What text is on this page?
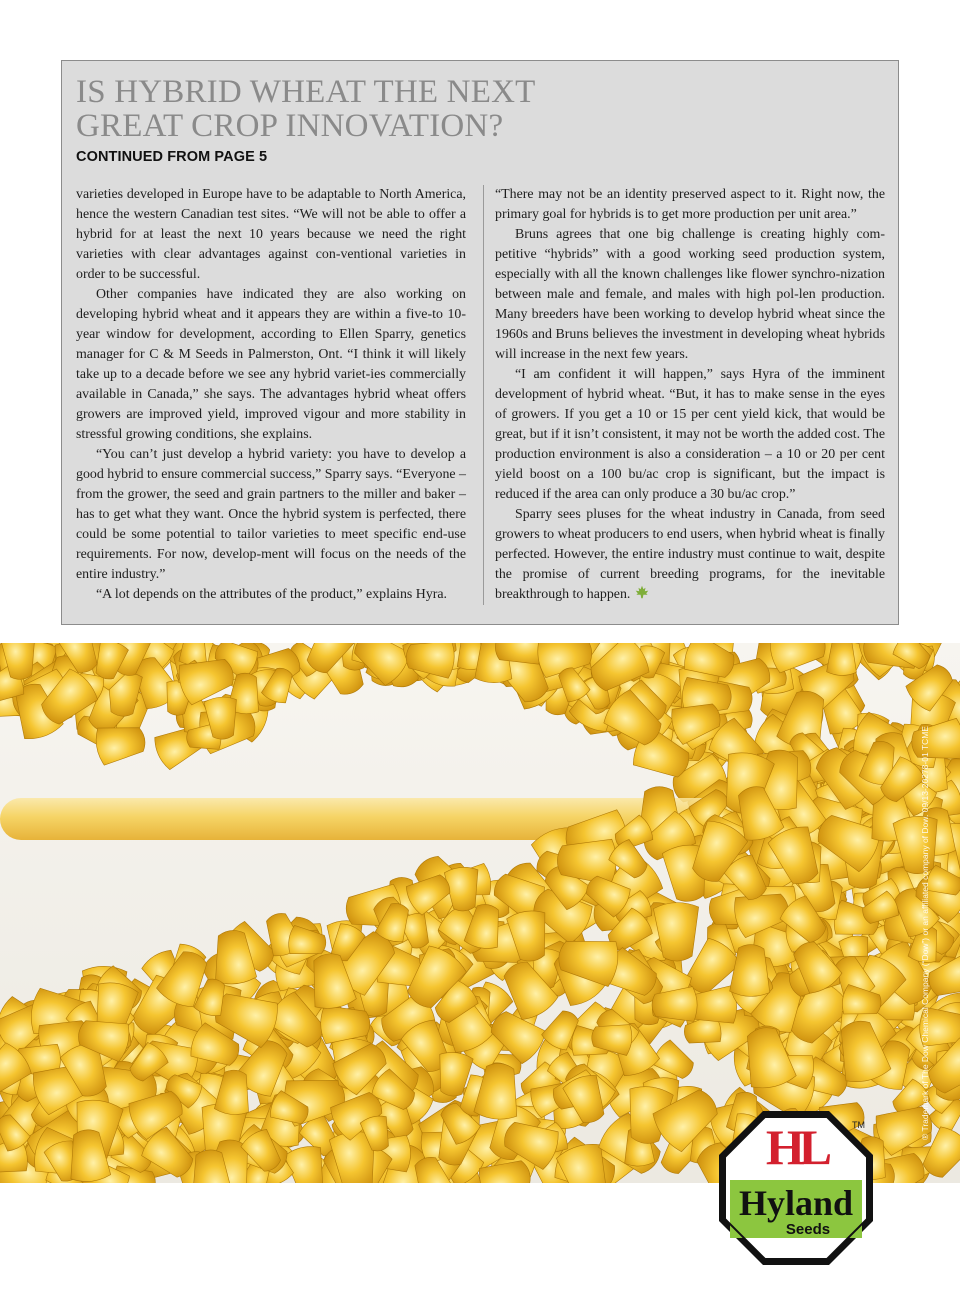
IS HYBRID WHEAT THE NEXT
GREAT CROP INNOVATION?
CONTINUED FROM PAGE 5

varieties developed in Europe have to be adaptable to North America, hence the western Canadian test sites. “We will not be able to offer a hybrid for at least the next 10 years because we need the right varieties with clear advantages against con-ventional varieties in order to be successful.

Other companies have indicated they are also working on developing hybrid wheat and it appears they are within a five-to 10-year window for development, according to Ellen Sparry, genetics manager for C & M Seeds in Palmerston, Ont. “I think it will likely take up to a decade before we see any hybrid variet-ies commercially available in Canada,” she says. The advantages hybrid wheat offers growers are improved yield, improved vigour and more stability in stressful growing conditions, she explains.

“You can’t just develop a hybrid variety: you have to develop a good hybrid to ensure commercial success,” Sparry says. “Everyone – from the grower, the seed and grain partners to the miller and baker – has to get what they want. Once the hybrid system is perfected, there could be some potential to tailor varieties to meet specific end-use requirements. For now, develop-ment will focus on the needs of the entire industry.”

“A lot depends on the attributes of the product,” explains Hyra.

“There may not be an identity preserved aspect to it. Right now, the primary goal for hybrids is to get more production per unit area.”

Bruns agrees that one big challenge is creating highly com-petitive “hybrids” with a good working seed production system, especially with all the known challenges like flower synchro-nization between male and female, and males with high pol-len production. Many breeders have been working to develop hybrid wheat since the 1960s and Bruns believes the investment in developing wheat hybrids will increase in the next few years.

“I am confident it will happen,” says Hyra of the imminent development of hybrid wheat. “But, it has to make sense in the eyes of growers. If you get a 10 or 15 per cent yield kick, that would be great, but if it isn’t consistent, it may not be worth the added cost. The production environment is also a consideration – a 10 or 20 per cent yield boost on a 100 bu/ac crop is significant, but the impact is reduced if the area can only produce a 30 bu/ac crop.”

Sparry sees pluses for the wheat industry in Canada, from seed growers to wheat producers to end users, when hybrid wheat is finally perfected. However, the entire industry must continue to wait, despite the promise of current breeding programs, for the inevitable breakthrough to happen.

® Trademark of The Dow Chemical Company (“Dow”) or an affiliated company of Dow. 09/13-20278-01 TCME
HL
Hyland
Seeds
TM
